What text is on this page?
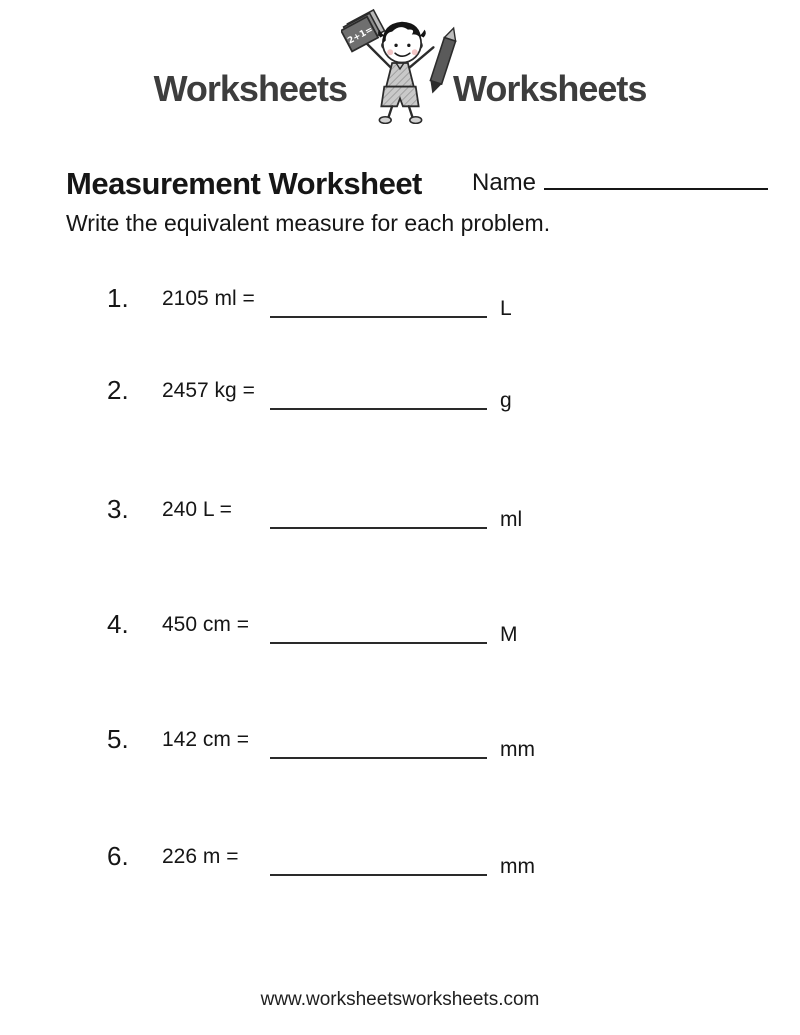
Worksheets
2+1=
Worksheets
Measurement Worksheet Name
Write the equivalent measure for each problem.
1. 2105 ml =	L
2. 2457 kg =	g
3. 240 L =	ml
4. 450 cm =	M
5. 142 cm =	mm
6. 226 m =	mm
www.worksheetsworksheets.com
